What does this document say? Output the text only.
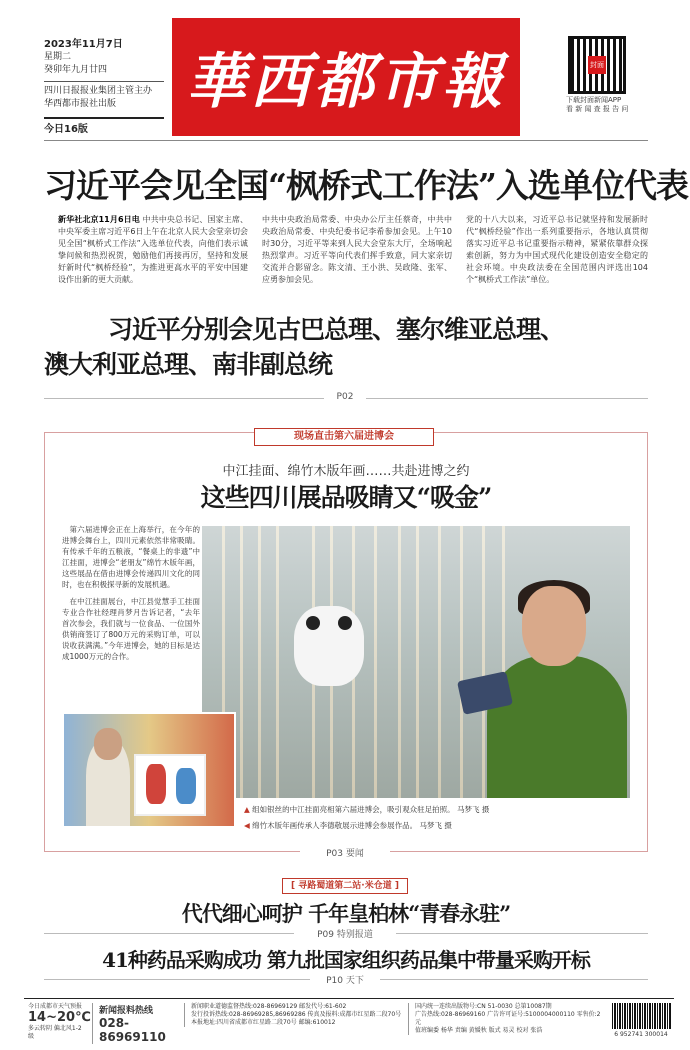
2023年11月7日
星期二
癸卯年九月廿四
四川日报报业集团主管主办
华西都市报社出版
今日16版
華西都市報	封面
下载封面新闻APP
看 新 闻 查 报 告 问
习近平会见全国“枫桥式工作法”入选单位代表
新华社北京11月6日电 中共中央总书记、国家主席、中央军委主席习近平6日上午在北京人民大会堂亲切会见全国“枫桥式工作法”入选单位代表，向他们表示诚挚问候和热烈祝贺，勉励他们再接再厉，坚持和发展好新时代“枫桥经验”，为推进更高水平的平安中国建设作出新的更大贡献。
中共中央政治局常委、中央办公厅主任蔡奇，中共中央政治局常委、中央纪委书记李希参加会见。上午10时30分，习近平等来到人民大会堂东大厅，全场响起热烈掌声。习近平等向代表们挥手致意，同大家亲切交流并合影留念。陈文清、王小洪、吴政隆、张军、应勇参加会见。
党的十八大以来，习近平总书记就坚持和发展新时代“枫桥经验”作出一系列重要指示，各地认真贯彻落实习近平总书记重要指示精神，紧紧依靠群众探索创新，努力为中国式现代化建设创造安全稳定的社会环境。中央政法委在全国范围内评选出104个“枫桥式工作法”单位。
习近平分别会见古巴总理、塞尔维亚总理、
澳大利亚总理、南非副总统
P02
现场直击第六届进博会
中江挂面、绵竹木版年画……共赴进博之约
这些四川展品吸睛又“吸金”

第六届进博会正在上海举行，在今年的进博会舞台上，四川元素依然非常吸睛。有传承千年的五粮液，“餐桌上的非遗”中江挂面，进博会“老朋友”绵竹木版年画，这些展品在借由进博会传递四川文化的同时，也在积极探寻新的发展机遇。

在中江挂面展台，中江县觉慧手工挂面专业合作社经理肖梦月告诉记者，“去年首次参会，我们就与一位食品、一位国外供销商签订了800万元的采购订单，可以说收获满满。”今年进博会，她的目标是达成1000万元的合作。

▲ 组如银丝的中江挂面亮相第六届进博会，吸引观众驻足拍照。 马梦飞 摄
◀ 绵竹木版年画传承人李德敬展示进博会参展作品。 马梦飞 摄
P03 要闻
[ 寻路蜀道第二站·米仓道 ]
代代细心呵护 千年皇柏林“青春永驻”
P09 特别报道
41种药品采购成功 第九批国家组织药品集中带量采购开标
P10 天下
今日成都市天气预报
14~20℃
多云转阴 偏北风1-2级
新闻报料热线
028-86969110
新闻职业道德监督热线:028-86969129 邮发代号:61-602
发行投诉热线:028-86969285,86969286 传真及报料:成都市红星路二段70号
本报地址:四川省成都市红星路二段70号 邮编:610012
国内统一连续出版物号:CN 51-0030 总第10087期
广告热线:028-86969160 广告许可证号:5100004000110 零售价:2元
值班编委 杨华 责编 黄媛秋 版式 易灵 校对 张浩
6 952741 300014
